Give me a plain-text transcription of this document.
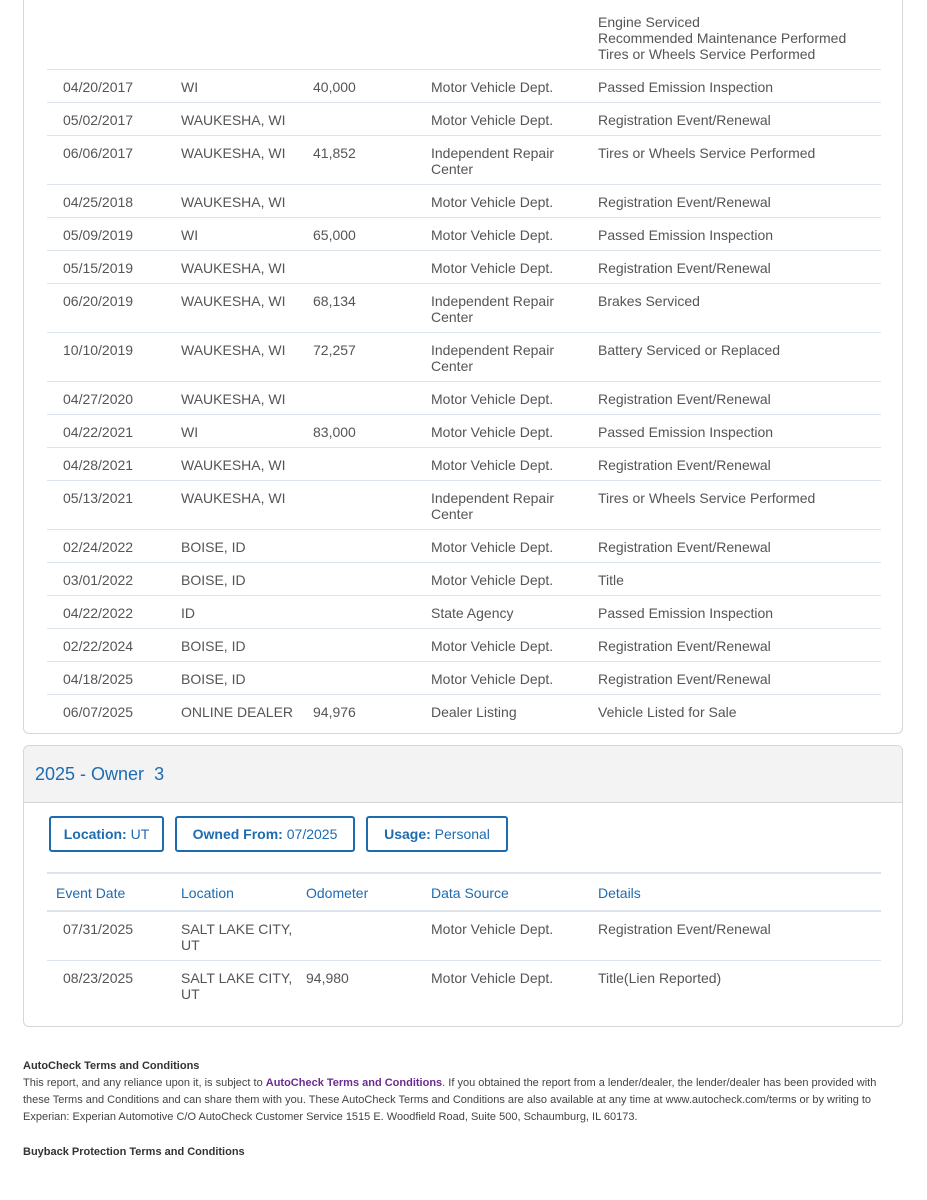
				Engine Serviced
Recommended Maintenance Performed
Tires or Wheels Service Performed

04/20/2017	WI	40,000	Motor Vehicle Dept.	Passed Emission Inspection

05/02/2017	WAUKESHA, WI		Motor Vehicle Dept.	Registration Event/Renewal

06/06/2017	WAUKESHA, WI	41,852	Independent Repair Center	Tires or Wheels Service Performed

04/25/2018	WAUKESHA, WI		Motor Vehicle Dept.	Registration Event/Renewal

05/09/2019	WI	65,000	Motor Vehicle Dept.	Passed Emission Inspection

05/15/2019	WAUKESHA, WI		Motor Vehicle Dept.	Registration Event/Renewal

06/20/2019	WAUKESHA, WI	68,134	Independent Repair Center	Brakes Serviced

10/10/2019	WAUKESHA, WI	72,257	Independent Repair Center	Battery Serviced or Replaced

04/27/2020	WAUKESHA, WI		Motor Vehicle Dept.	Registration Event/Renewal

04/22/2021	WI	83,000	Motor Vehicle Dept.	Passed Emission Inspection

04/28/2021	WAUKESHA, WI		Motor Vehicle Dept.	Registration Event/Renewal

05/13/2021	WAUKESHA, WI		Independent Repair Center	Tires or Wheels Service Performed

02/24/2022	BOISE, ID		Motor Vehicle Dept.	Registration Event/Renewal

03/01/2022	BOISE, ID		Motor Vehicle Dept.	Title

04/22/2022	ID		State Agency	Passed Emission Inspection

02/22/2024	BOISE, ID		Motor Vehicle Dept.	Registration Event/Renewal

04/18/2025	BOISE, ID		Motor Vehicle Dept.	Registration Event/Renewal

06/07/2025	ONLINE DEALER	94,976	Dealer Listing	Vehicle Listed for Sale
2025 - Owner 3
Location: UT	Owned From: 07/2025	Usage: Personal
Event Date	Location	Odometer	Data Source	Details
07/31/2025	SALT LAKE CITY, UT		Motor Vehicle Dept.	Registration Event/Renewal

08/23/2025	SALT LAKE CITY, UT	94,980	Motor Vehicle Dept.	Title(Lien Reported)
AutoCheck Terms and Conditions
This report, and any reliance upon it, is subject to AutoCheck Terms and Conditions. If you obtained the report from a lender/dealer, the lender/dealer has been provided with these Terms and Conditions and can share them with you. These AutoCheck Terms and Conditions are also available at any time at www.autocheck.com/terms or by writing to Experian: Experian Automotive C/O AutoCheck Customer Service 1515 E. Woodfield Road, Suite 500, Schaumburg, IL 60173.
Buyback Protection Terms and Conditions
